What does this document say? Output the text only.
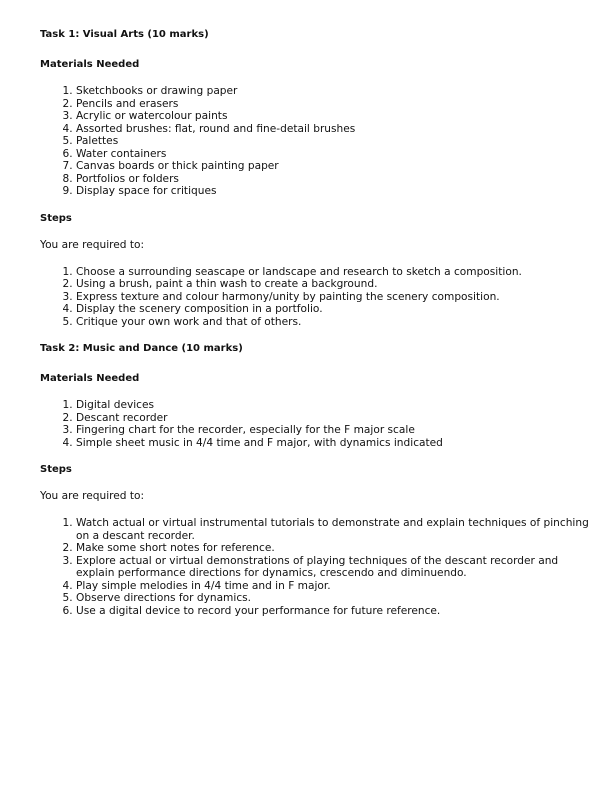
Task 1: Visual Arts (10 marks)
Materials Needed
1. Sketchbooks or drawing paper
2. Pencils and erasers
3. Acrylic or watercolour paints
4. Assorted brushes: flat, round and fine-detail brushes
5. Palettes
6. Water containers
7. Canvas boards or thick painting paper
8. Portfolios or folders
9. Display space for critiques
Steps

You are required to:

1. Choose a surrounding seascape or landscape and research to sketch a composition.
2. Using a brush, paint a thin wash to create a background.
3. Express texture and colour harmony/unity by painting the scenery composition.
4. Display the scenery composition in a portfolio.
5. Critique your own work and that of others.
Task 2: Music and Dance (10 marks)
Materials Needed
1. Digital devices
2. Descant recorder
3. Fingering chart for the recorder, especially for the F major scale
4. Simple sheet music in 4/4 time and F major, with dynamics indicated
Steps

You are required to:

1. Watch actual or virtual instrumental tutorials to demonstrate and explain techniques of pinching on a descant recorder.
2. Make some short notes for reference.
3. Explore actual or virtual demonstrations of playing techniques of the descant recorder and explain performance directions for dynamics, crescendo and diminuendo.
4. Play simple melodies in 4/4 time and in F major.
5. Observe directions for dynamics.
6. Use a digital device to record your performance for future reference.
